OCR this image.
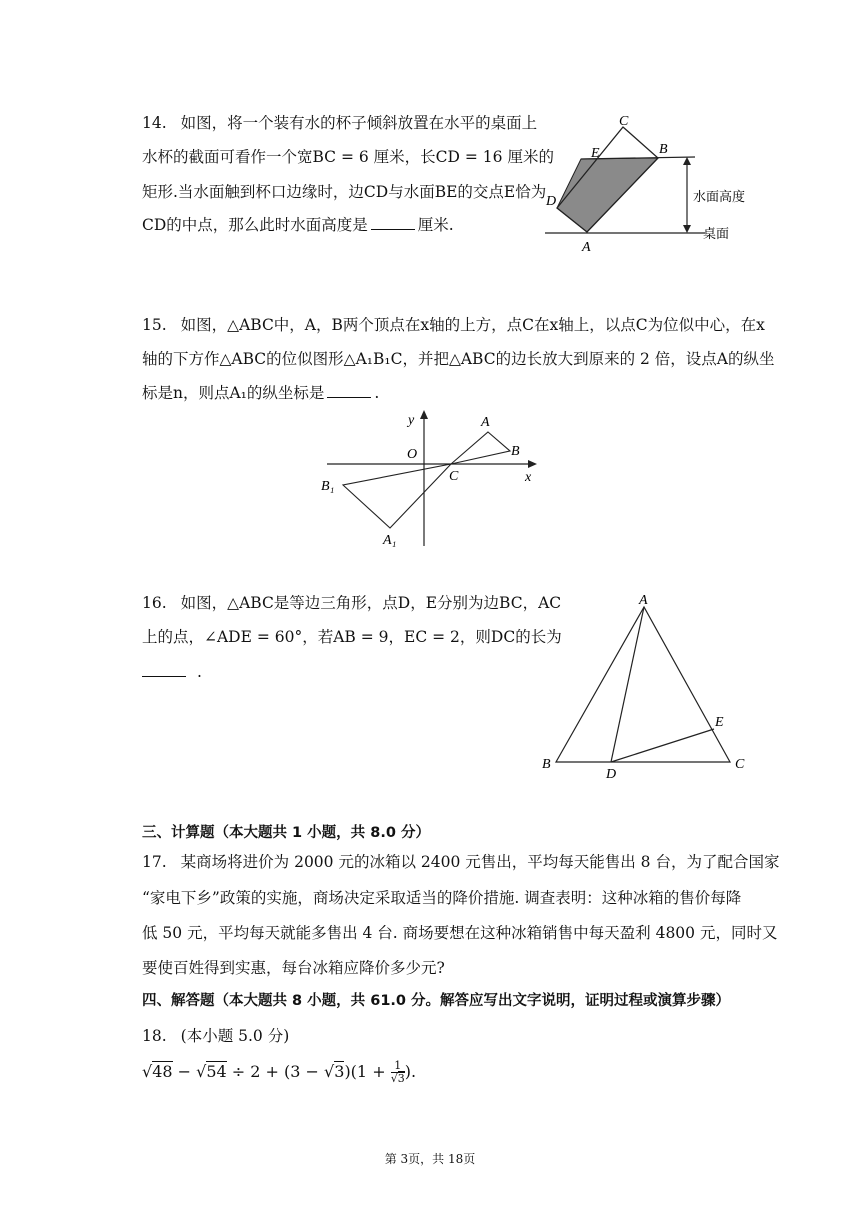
14. 如图，将一个装有水的杯子倾斜放置在水平的桌面上
水杯的截面可看作一个宽BC = 6 厘米，长CD = 16 厘米的
矩形.当水面触到杯口边缘时，边CD与水面BE的交点E恰为
CD的中点，那么此时水面高度是	厘米.
C
E	B
D
A
水面高度
桌面
15. 如图，△ABC中，A，B两个顶点在x轴的上方，点C在x轴上，以点C为位似中心，在x
轴的下方作△ABC的位似图形△A₁B₁C，并把△ABC的边长放大到原来的 2 倍，设点A的纵坐
标是n，则点A₁的纵坐标是	.
y
x
O
C
A
B
B₁
A₁
16. 如图，△ABC是等边三角形，点D，E分别为边BC，AC
上的点，∠ADE = 60°，若AB = 9，EC = 2，则DC的长为
.
A
B	C
D
E
三、计算题（本大题共 1 小题，共 8.0 分）
17. 某商场将进价为 2000 元的冰箱以 2400 元售出，平均每天能售出 8 台，为了配合国家
“家电下乡”政策的实施，商场决定采取适当的降价措施. 调查表明：这种冰箱的售价每降
低 50 元，平均每天就能多售出 4 台. 商场要想在这种冰箱销售中每天盈利 4800 元，同时又
要使百姓得到实惠，每台冰箱应降价多少元?
四、解答题（本大题共 8 小题，共 61.0 分。解答应写出文字说明，证明过程或演算步骤）
18. (本小题 5.0 分)
$√48 - √54 \div 2 + (3 - √3)(1 + \frac{1}{√3}$ ).
第 3页，共 18页
